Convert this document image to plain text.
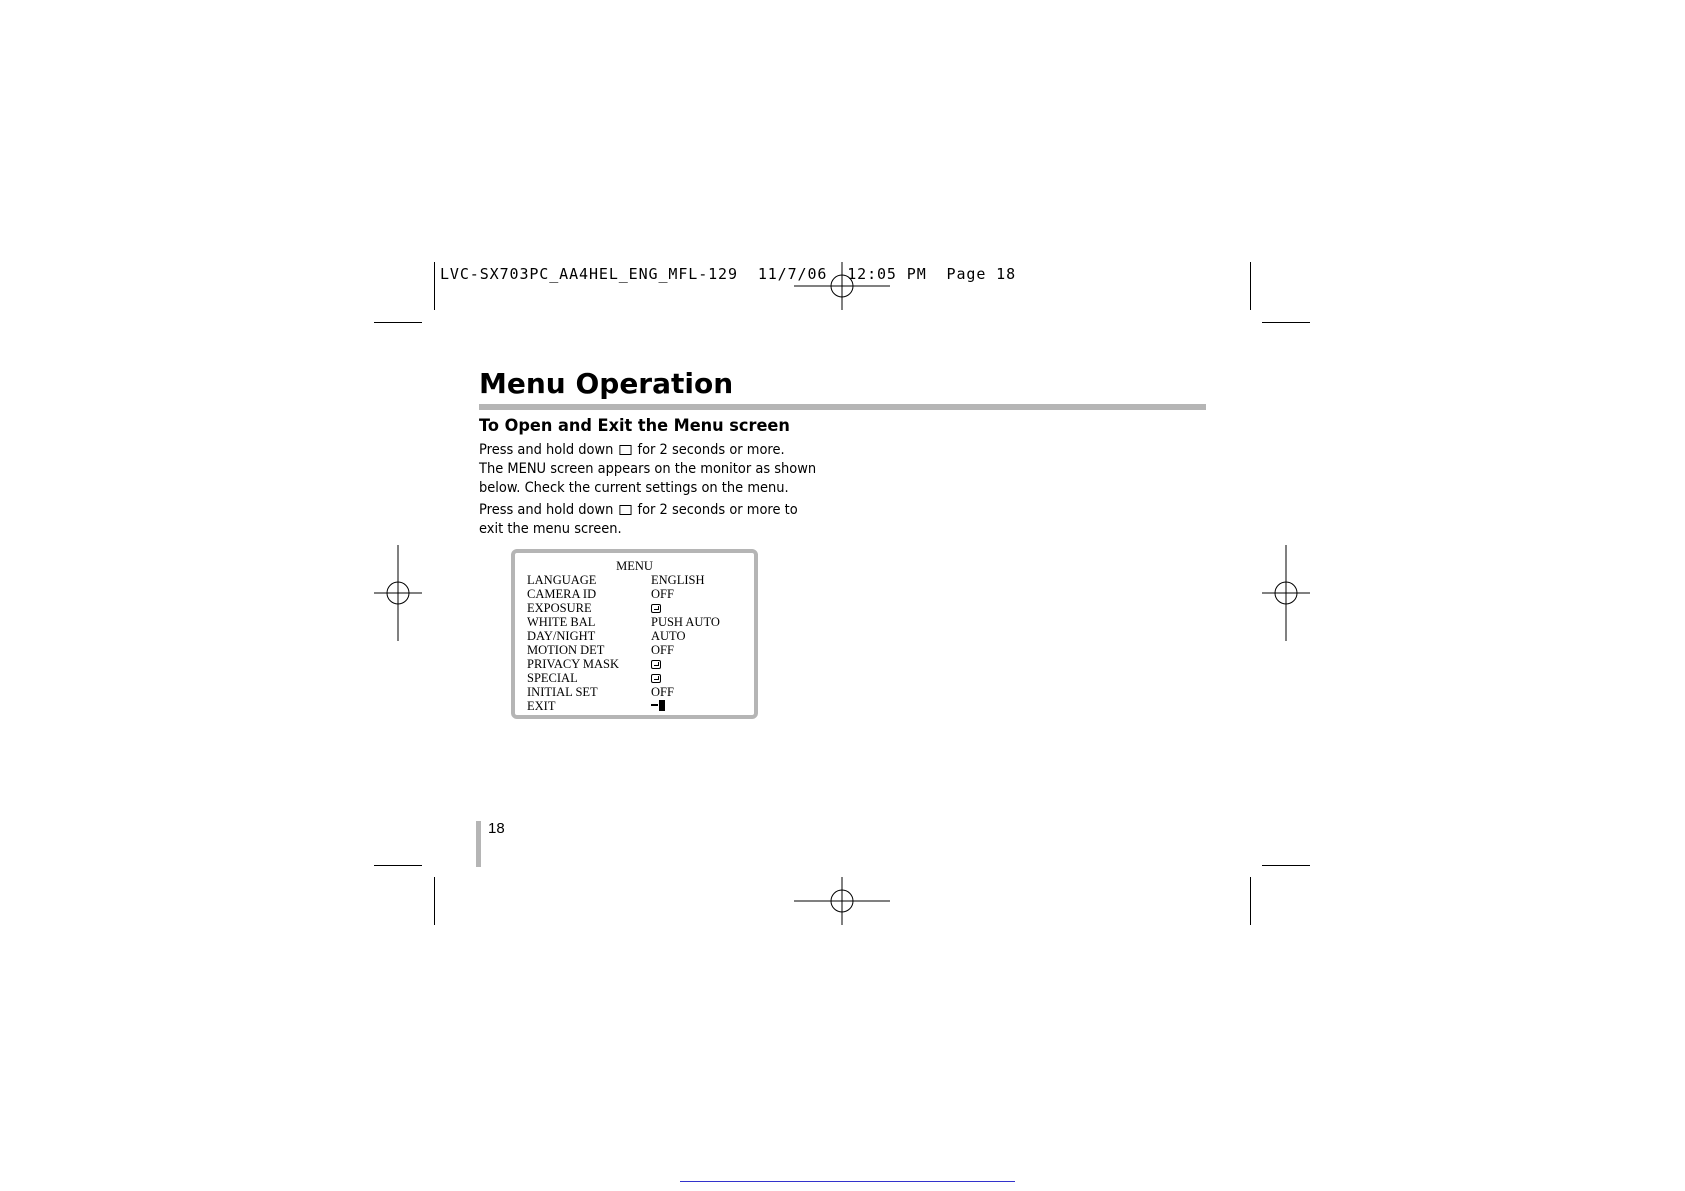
LVC-SX703PC_AA4HEL_ENG_MFL-129 11/7/06 12:05 PM Page 18
Menu Operation
To Open and Exit the Menu screen
Press and hold down  for 2 seconds or more.
The MENU screen appears on the monitor as shown
below. Check the current settings on the menu.
Press and hold down  for 2 seconds or more to
exit the menu screen.
MENU
LANGUAGE	ENGLISH
CAMERA ID	OFF
EXPOSURE
WHITE BAL	PUSH AUTO
DAY/NIGHT	AUTO
MOTION DET	OFF
PRIVACY MASK
SPECIAL
INITIAL SET	OFF
EXIT
18
